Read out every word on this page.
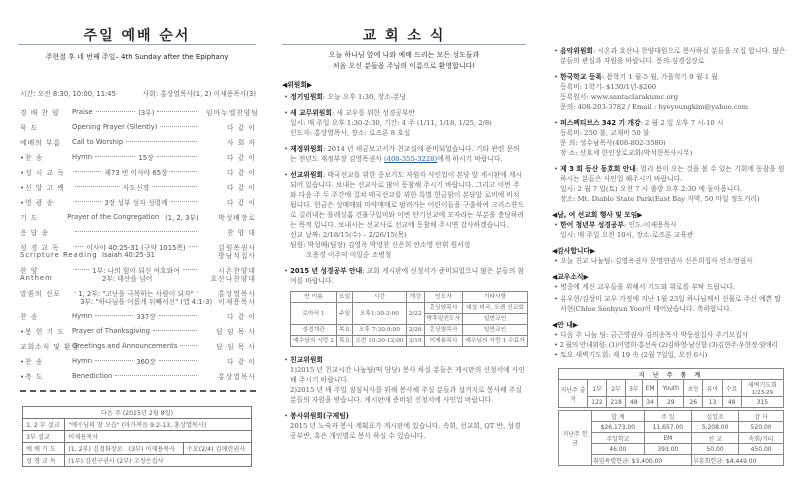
주일 예배 순서
주현절 후 네 번째 주일– 4th Sunday after the Epiphany
시간: 오전 8:30, 10:00, 11:45	사회: 홍상열목사(1, 2) 이재용목사(3)
경 배 찬 양	Praise	(3부)	임마누엘찬양팀
묵 도	Opening Prayer (Silently)	다 같 이
예배의 부름	Call to Worship	사 회 자
•찬 송	Hymn	15장	다 같 이
•성 시 교 독	제73 번 이사야 65장	다 같 이
•신 앙 고 백	사도신경	다 같 이
•영 광 송	3장 성부 성자 성령께	다 같 이
기 도	Prayer of the Congregation (1, 2, 3부)	박성배장로
응 답 송	찬 양 대
성 경 교 독	이사야 40:25-31 (구약 1015쪽)	김원목권사
Scripture Reading Isaiah 40:25-31	방남석집사
찬 양	1부: 나의 힘이 되신 여호와여	시온찬양대
Anthem	2부: 태산을 넘어	호산나찬양대
말씀의 선포	1, 2부: "고난을 극복하는 사람이 되자"	홍상열목사
3부: "하나님을 이롭게 뒤빼서신" (엡 4:1-3) 이재용목사
찬 송	Hymn	337장	다 같 이
•봉 헌 기 도	Prayer of Thanksgiving	담 임 목 사
교회소식 및 환영
Greetings and Announcements	담 임 목 사
•찬 송	Hymn	360장	다 같 이
•축 도	Benediction	홍상열목사
다음 주 (2015년 2월 8일)		
1, 2 부 설교	"예수님의 참 모습" (마가복음 9:2-13, 홍상열목사)	
3부 설교	이재용목사	
예 배 기 도	(1, 2부) 김정화장로 (3부) 이재용목사	수요(2/4) 김애란권사
성 경 교 독	(1부) 김진구권사 (2부) 고정은집사	
교 회 소 식
오늘 하나님 앞에 나와 예배 드리는 모든 성도들과
처음 오신 분들을 주님의 이름으로 환영합니다!
◀위원회▶
• 정기임원회: 오늘 오후 1:30, 장소-본당
• 새 교무위원회: 새 교우를 위한 성경공부반
일시: 매 주일 오후 1:30-2:30, 기간: 4 주 (1/11, 1/18, 1/25, 2/8)
인도자: 홍상열목사, 장소: 로즈론 8 호실
• 재정위원회: 2014 년 세금보고서가 친교실에 준비되었습니다. 기타 관련 문의는 전년도 재정부장 김영목권사 (408-355-3228)에게 하시기 바랍니다.
• 선교위원회: 태국선교를 위한 중보기도 자원자 사인업이 본당 앞 게시판에 게시되어 있습니다. 보내는 선교사로 많이 동참해 주시기 바랍니다. 그리고 이번 주와 다음 주 두 주간에 걸쳐 태국선교를 위한 특별 헌금함이 본당앞 로비에 비치됩니다. 헌금은 성매매와 마약매매로 팔려가는 어린이들을 구출하여 크리스챤으로 길러내는 블레싱홈 건물구입비와 이번 단기선교에 모자라는 부분을 충당하려는 목적 입니다. 보내시는 선교사로 선교에 동참해 주시면 감사하겠습니다.
선교 날짜: 2/18/15(수) – 2/26/15(목)
팀원: 박성배(팀장) 김영옥 박영찬 신은희 안소영 안휘 원서성
오용경 이주익 이일순 조병청
• 2015 년 성경공부 안내: 교회 게시판에 신청서가 준비되었으니 많은 분들의 참여를 바랍니다.
반 이름	요일	시간	개강	인도자	기타사항
로마서 1	주일	오후1:30-3:00	2/22	홍상열목사	대상 미국, 오렌 신교회
				박후일전도사	일반교인
성경개관	목요	오후 7:30-9:00	2/26	홍상열목사	일반교인
예수님의 사랑 2	목요	오전 10:30-12:00	3/19	이재용목사	예수님의 사랑 1 수료자
• 친교위원회
1)2015 년 친교시간 나눔팀(떡 담당) 봉사 하실 분들은 게시판의 신청서에 사인해 주시기 바랍니다.
2)2015 년 매 주일 점심식사를 위해 봉사해 주실 분들과 설거지로 봉사해 주실 분들의 자원을 받습니다. 게시판에 준비된 신청서에 사인업 바랍니다.
• 봉사위원회(구제팀)
2015 년 노숙자 봉사 계획표가 게시판에 있습니다. 속회, 선교회, QT 반, 성경공부반, 혹은 개인별로 봉사 하실 수 있습니다.
• 음악위원회: 시온과 호산나 찬양대원으로 봉사하실 분들을 모집 합니다. 많은 분들의 관심과 자원을 바랍니다. 문의-심경섭장로
• 한국학교 등록: 봄학기 1 월-5 월, 가을학기 9 월-1 월
등록비: 1학기- $130/1년-$260
등록원서: www.santaclarakumc.org
문의: 408-203-3782 / Email : hyeyoungkim@yahoo.com
• 퍼스펙티브스 342 기 개강: 2 월 2 일 오후 7 시-10 시
등록비: 250 불, 교재비 50 불
문 의: 성수남목사(408-802-3580)
장 소: 산호세 한인장로교회(박석현목사시무)
• 제 3 회 등산 동호회 안내: 멀리 봄이 오는 것을 볼 수 있는 기회에 동참을 원하시는 분들은 사인업 해주시기 바랍니다.
일시: 2 월 7 일(토) 오전 7 시 출발 오후 2:30 에 돌아옵니다.
장소: Mt. Diablo State Park(East Bay 지역, 50 마일 정도거리)
◀남, 여 선교회 행사 및 모임▶
• 한어 청년부 성경공부: 인도-이재용목사
일시: 매 주일 오전 10시, 장소-로즈론 교육관
◀감사합니다▶
• 오늘 친교 나눔팀: 김영옥권사 문명연권사 신은희집사 안소영권사
◀교우소식▶
• 병중에 계신 교우들을 위해서 기도와 위로를 부탁 드립니다.
• 유우현/김상미 교우 가정에 지난 1월 23일 하나님께서 선물로 주신 예쁜 딸 서현(Chloe Seohyun Yoo)이 태어났습니다. 축하합니다.
◀안 내▶
• 다음 주 나눔 팀: 금근영권사 김의송목사 박동원집사 주기모집사
• 2 월의 안내위원: (1)이영희·홍선숙 (2)김하영·남신향 (3)김현주·우현정·임애리
• 토요 새벽기도회: 제 19 속 (2월 7일일, 오전 6시)
지 난 주 통 계									
지난주 출 석	1부	2부	3부	EM	Youth	초등	유아	수요	새벽기도회
1/23-29
	122	218	48	34	29	26	13	48	315
지난주 헌 금	합 계	주 일	십일조	감 사
	$26,173.00	11,657.00	5,208.00	520.00
	주일학교	EM	선 교	속회/기타
	46.00	393.00	50.00	450.00
	취임특별헌금: $3,400.00		부흥회헌금: $4,449.00	
